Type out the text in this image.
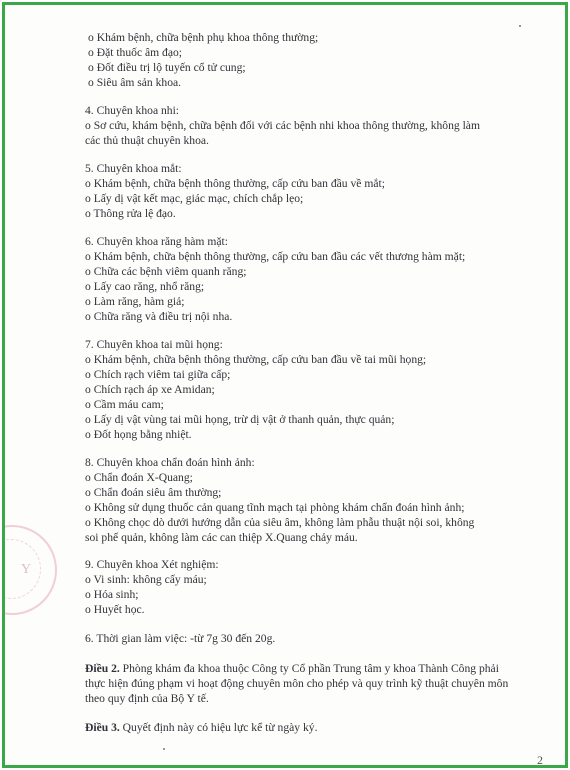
Y
o Khám bệnh, chữa bệnh phụ khoa thông thường;
o Đặt thuốc âm đạo;
o Đốt điều trị lộ tuyến cổ tử cung;
o Siêu âm sản khoa.
4. Chuyên khoa nhi:
o Sơ cứu, khám bệnh, chữa bệnh đối với các bệnh nhi khoa thông thường, không làm
các thủ thuật chuyên khoa.
5. Chuyên khoa mắt:
o Khám bệnh, chữa bệnh thông thường, cấp cứu ban đầu về mắt;
o Lấy dị vật kết mạc, giác mạc, chích chắp lẹo;
o Thông rửa lệ đạo.
6. Chuyên khoa răng hàm mặt:
o Khám bệnh, chữa bệnh thông thường, cấp cứu ban đầu các vết thương hàm mặt;
o Chữa các bệnh viêm quanh răng;
o Lấy cao răng, nhổ răng;
o Làm răng, hàm giả;
o Chữa răng và điều trị nội nha.
7. Chuyên khoa tai mũi họng:
o Khám bệnh, chữa bệnh thông thường, cấp cứu ban đầu về tai mũi họng;
o Chích rạch viêm tai giữa cấp;
o Chích rạch áp xe Amidan;
o Cầm máu cam;
o Lấy dị vật vùng tai mũi họng, trừ dị vật ở thanh quản, thực quản;
o Đốt họng bằng nhiệt.
8. Chuyên khoa chẩn đoán hình ảnh:
o Chẩn đoán X-Quang;
o Chẩn đoán siêu âm thường;
o Không sử dụng thuốc cản quang tĩnh mạch tại phòng khám chẩn đoán hình ảnh;
o Không chọc dò dưới hướng dẫn của siêu âm, không làm phẫu thuật nội soi, không
soi phế quản, không làm các can thiệp X.Quang chảy máu.
9. Chuyên khoa Xét nghiệm:
o Vi sinh: không cấy máu;
o Hóa sinh;
o Huyết học.
6. Thời gian làm việc: -từ 7g 30 đến 20g.
Điều 2. Phòng khám đa khoa thuộc Công ty Cổ phần Trung tâm y khoa Thành Công phải
thực hiện đúng phạm vi hoạt động chuyên môn cho phép và quy trình kỹ thuật chuyên môn
theo quy định của Bộ Y tế.
Điều 3. Quyết định này có hiệu lực kể từ ngày ký.
2
